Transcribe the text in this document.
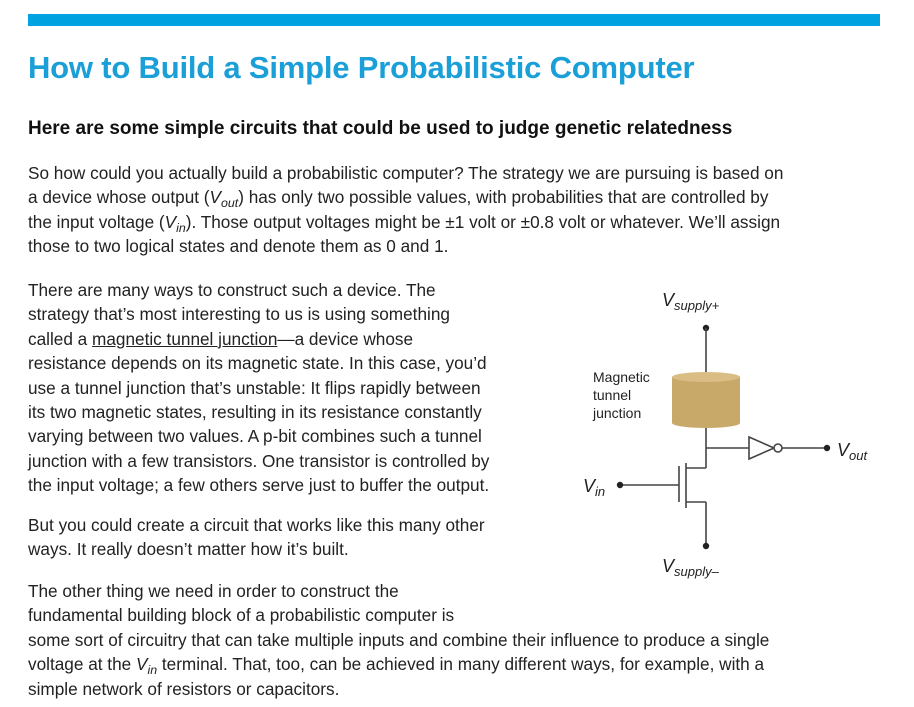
How to Build a Simple Probabilistic Computer
Here are some simple circuits that could be used to judge genetic relatedness

So how could you actually build a probabilistic computer? The strategy we are pursuing is based on
a device whose output $(V_{out})$ has only two possible values, with probabilities that are controlled by
the input voltage $(V_{in})$. Those output voltages might be ±1 volt or ±0.8 volt or whatever. We’ll assign
those to two logical states and denote them as 0 and 1.

There are many ways to construct such a device. The
strategy that’s most interesting to us is using something
called a magnetic tunnel junction—a device whose
resistance depends on its magnetic state. In this case, you’d
use a tunnel junction that’s unstable: It flips rapidly between
its two magnetic states, resulting in its resistance constantly
varying between two values. A p-bit combines such a tunnel
junction with a few transistors. One transistor is controlled by
the input voltage; a few others serve just to buffer the output.

But you could create a circuit that works like this many other
ways. It really doesn’t matter how it’s built.

The other thing we need in order to construct the
fundamental building block of a probabilistic computer is
some sort of circuitry that can take multiple inputs and combine their influence to produce a single
voltage at the $V_{in}$ terminal. That, too, can be achieved in many different ways, for example, with a
simple network of resistors or capacitors.

$V_{supply+}$
Magnetic tunnel junction
$V_{out}$
$V_{in}$
$V_{supply-}$
